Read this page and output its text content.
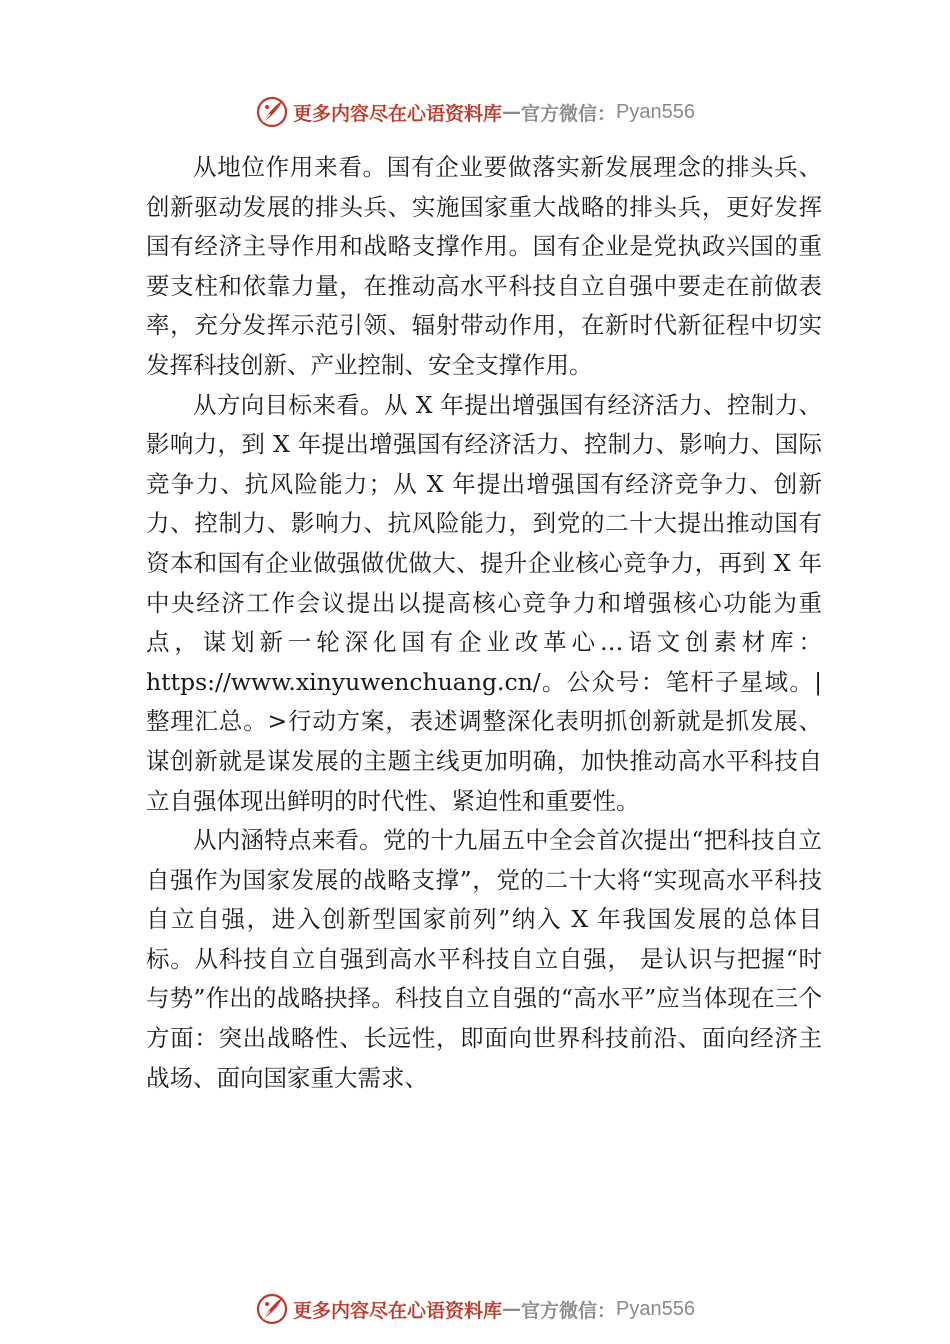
更多内容尽在心语资料库 — 官方微信： Pyan556

从地位作用来看。国有企业要做落实新发展理念的排头兵、创新驱动发展的排头兵、实施国家重大战略的排头兵，更好发挥国有经济主导作用和战略支撑作用。国有企业是党执政兴国的重要支柱和依靠力量，在推动高水平科技自立自强中要走在前做表率，充分发挥示范引领、辐射带动作用，在新时代新征程中切实发挥科技创新、产业控制、安全支撑作用。

从方向目标来看。从 X 年提出增强国有经济活力、控制力、影响力，到 X 年提出增强国有经济活力、控制力、影响力、国际竞争力、抗风险能力；从 X 年提出增强国有经济竞争力、创新力、控制力、影响力、抗风险能力，到党的二十大提出推动国有资本和国有企业做强做优做大、提升企业核心竞争力，再到 X 年中央经济工作会议提出以提高核心竞争力和增强核心功能为重点，谋划新一轮深化国有企业改革心…语文创素材库：https://www.xinyuwenchuang.cn/。公众号：笔杆子星域。|整理汇总。>行动方案，表述调整深化表明抓创新就是抓发展、谋创新就是谋发展的主题主线更加明确，加快推动高水平科技自立自强体现出鲜明的时代性、紧迫性和重要性。

从内涵特点来看。党的十九届五中全会首次提出“把科技自立自强作为国家发展的战略支撑”，党的二十大将“实现高水平科技自立自强，进入创新型国家前列”纳入 X 年我国发展的总体目标。从科技自立自强到高水平科技自立自强， 是认识与把握“时与势”作出的战略抉择。科技自立自强的“高水平”应当体现在三个方面：突出战略性、长远性，即面向世界科技前沿、面向经济主战场、面向国家重大需求、

更多内容尽在心语资料库 — 官方微信： Pyan556
